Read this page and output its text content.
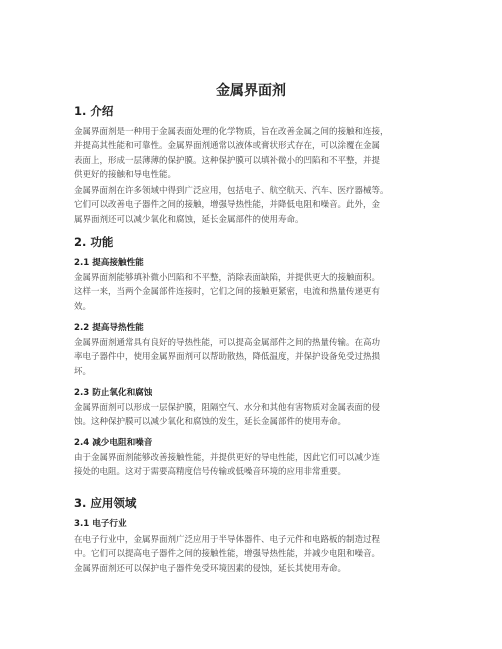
金属界面剂
1. 介绍
金属界面剂是一种用于金属表面处理的化学物质，旨在改善金属之间的接触和连接，
并提高其性能和可靠性。金属界面剂通常以液体或膏状形式存在，可以涂覆在金属
表面上，形成一层薄薄的保护膜。这种保护膜可以填补微小的凹陷和不平整，并提
供更好的接触和导电性能。
金属界面剂在许多领域中得到广泛应用，包括电子、航空航天、汽车、医疗器械等。
它们可以改善电子器件之间的接触，增强导热性能，并降低电阻和噪音。此外，金
属界面剂还可以减少氧化和腐蚀，延长金属部件的使用寿命。
2. 功能
2.1 提高接触性能
金属界面剂能够填补微小凹陷和不平整，消除表面缺陷，并提供更大的接触面积。
这样一来，当两个金属部件连接时，它们之间的接触更紧密，电流和热量传递更有
效。
2.2 提高导热性能
金属界面剂通常具有良好的导热性能，可以提高金属部件之间的热量传输。在高功
率电子器件中，使用金属界面剂可以帮助散热，降低温度，并保护设备免受过热损
坏。
2.3 防止氧化和腐蚀
金属界面剂可以形成一层保护膜，阻隔空气、水分和其他有害物质对金属表面的侵
蚀。这种保护膜可以减少氧化和腐蚀的发生，延长金属部件的使用寿命。
2.4 减少电阻和噪音
由于金属界面剂能够改善接触性能，并提供更好的导电性能，因此它们可以减少连
接处的电阻。这对于需要高精度信号传输或低噪音环境的应用非常重要。
3. 应用领域
3.1 电子行业
在电子行业中，金属界面剂广泛应用于半导体器件、电子元件和电路板的制造过程
中。它们可以提高电子器件之间的接触性能，增强导热性能，并减少电阻和噪音。
金属界面剂还可以保护电子器件免受环境因素的侵蚀，延长其使用寿命。
